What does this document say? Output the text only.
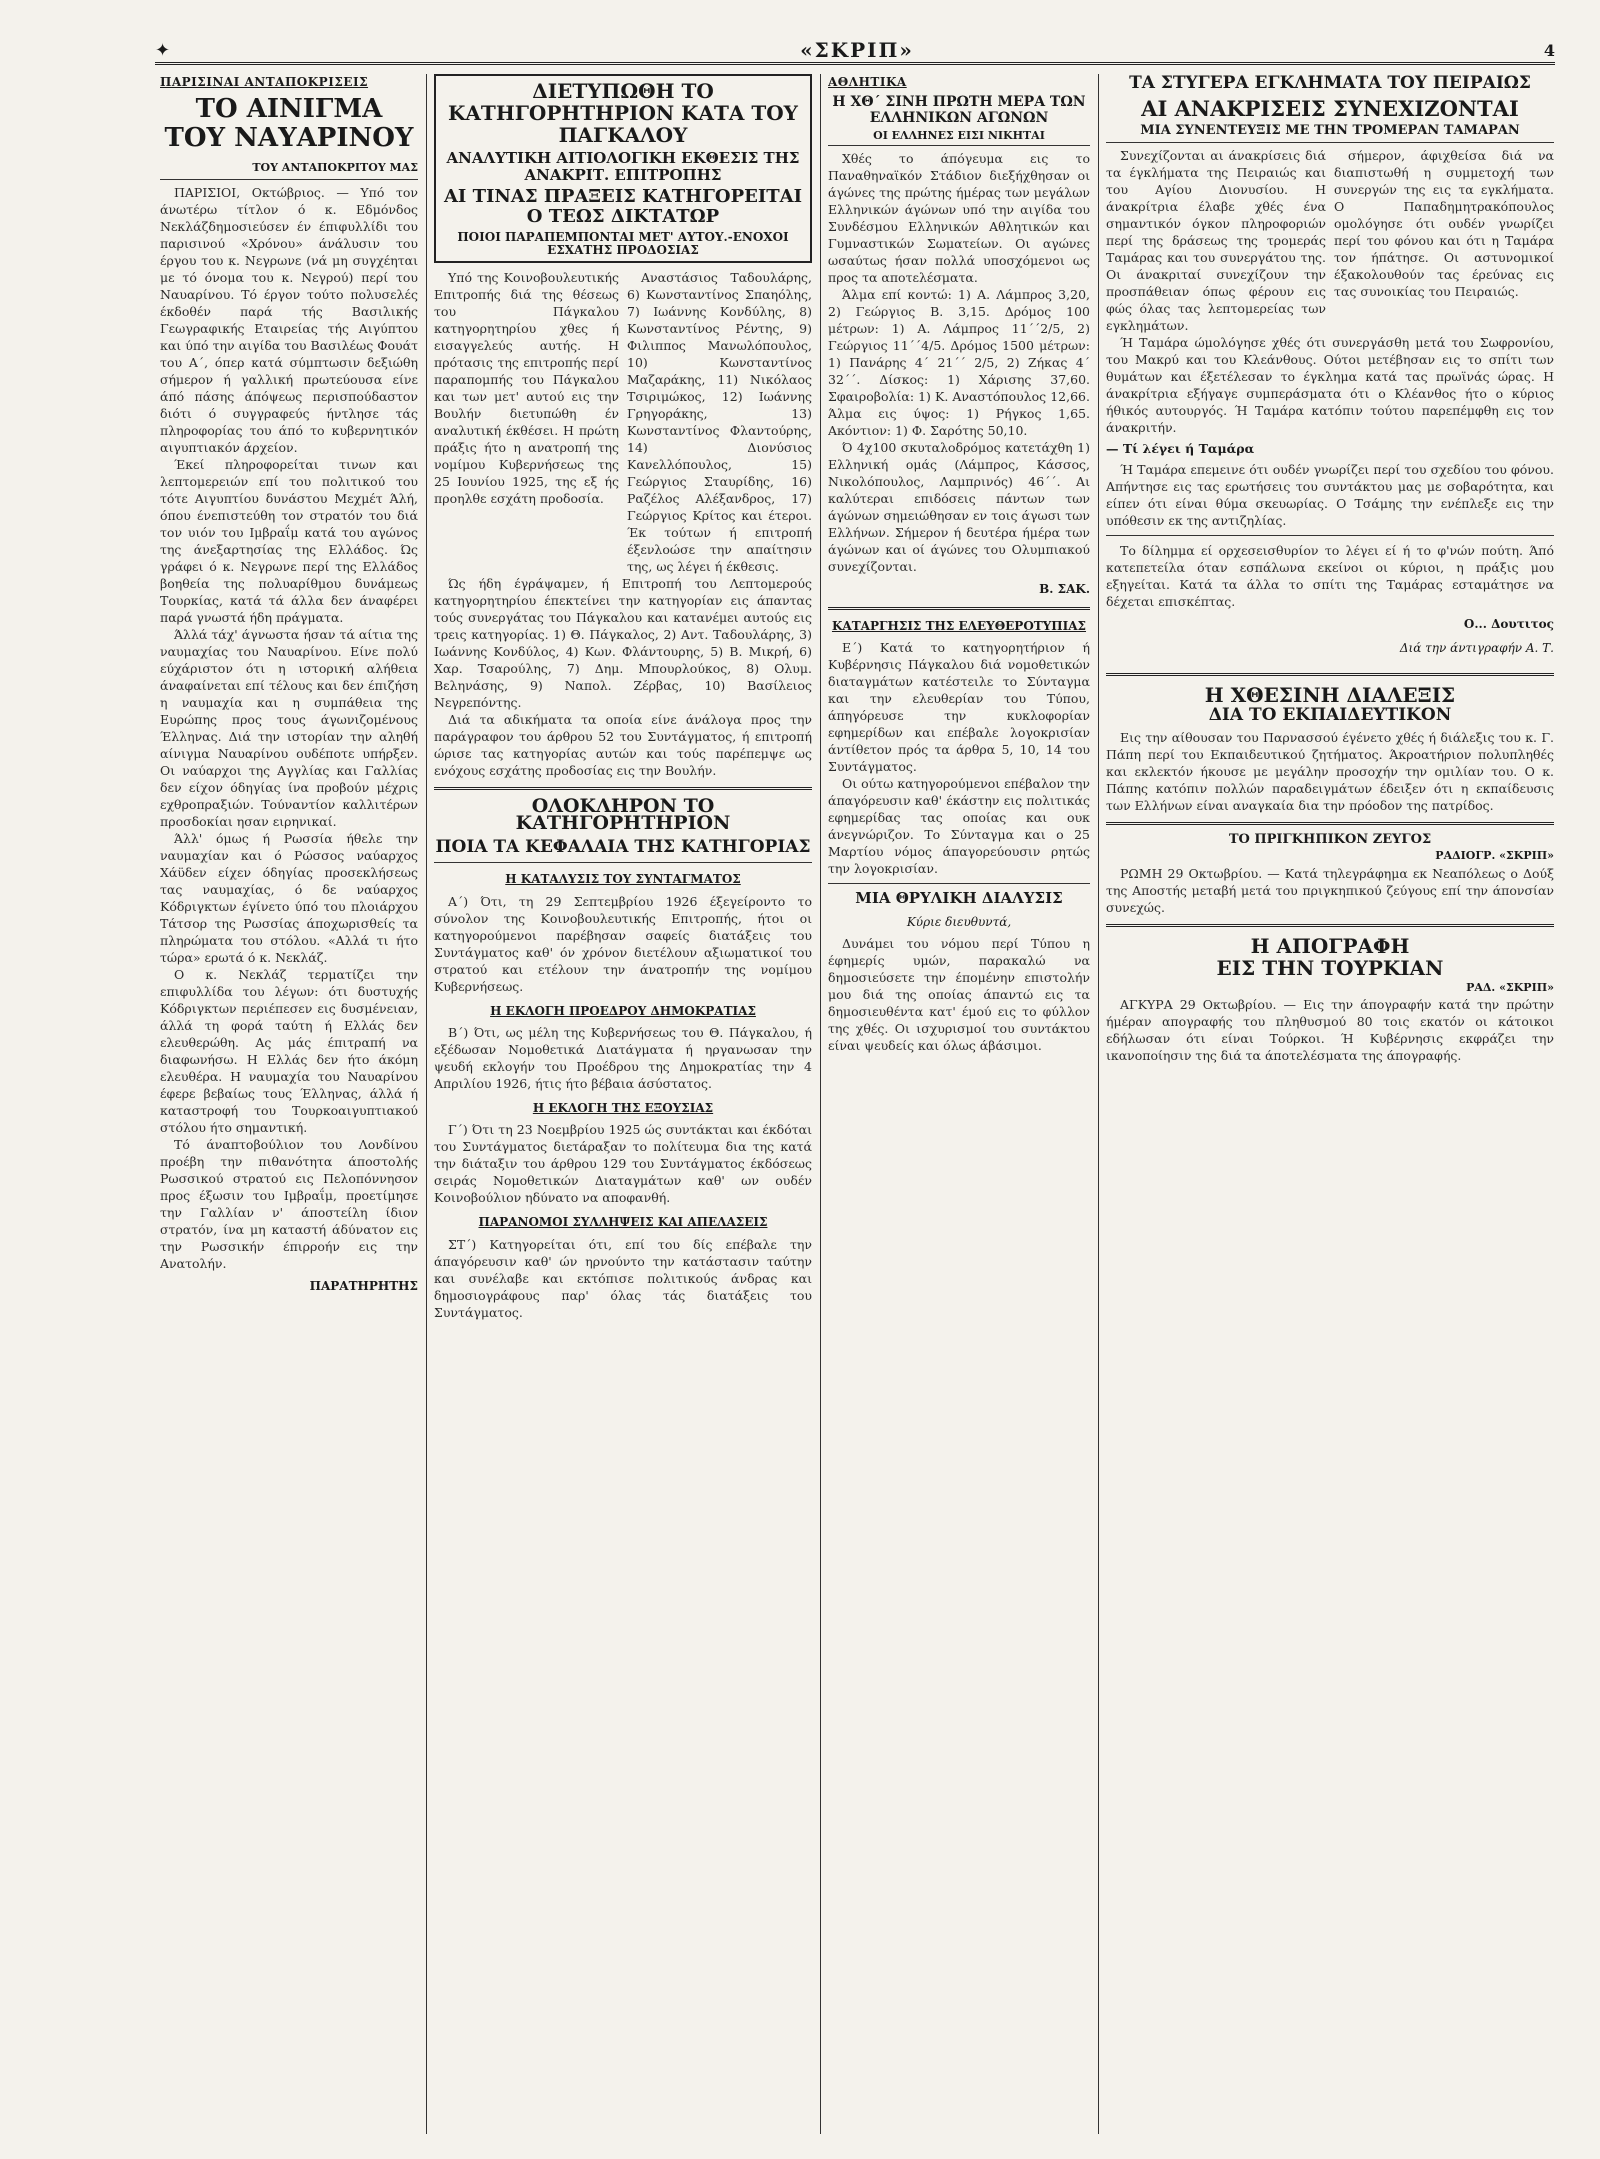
✦	«ΣΚΡΙΠ»	4
ΠΑΡΙΣΙΝΑΙ ΑΝΤΑΠΟΚΡΙΣΕΙΣ
ΤΟ ΑΙΝΙΓΜΑ
ΤΟΥ ΝΑΥΑΡΙΝΟΥ
ΤΟΥ ΑΝΤΑΠΟΚΡΙΤΟΥ ΜΑΣ

ΠΑΡΙΣΙΟΙ, Οκτώβριος. — Υπό τον άνωτέρω τίτλον ό κ. Εδμόνδος Νεκλάζδημοσιεύσεν έν έπιφυλλίδι του παρισινού «Χρόνου» άνάλυσιν του έργου του κ. Νεγρωνε (νά μη συγχέηται με τό όνομα του κ. Νεγρού) περί του Ναυαρίνου. Τό έργον τούτο πολυσελές έκδοθέν παρά τής Βασιλικής Γεωγραφικής Εταιρείας τής Αιγύπτου και ύπό την αιγίδα του Βασιλέως Φουάτ του Α΄, όπερ κατά σύμπτωσιν δεξιώθη σήμερον ή γαλλική πρωτεύουσα είνε άπό πάσης άπόψεως περισπούδαστον διότι ό συγγραφεύς ήντλησε τάς πληροφορίας του άπό το κυβερνητικόν αιγυπτιακόν άρχείον.

Έκεί πληροφορείται τινων και λεπτομερειών επί του πολιτικού του τότε Αιγυπτίου δυνάστου Μεχμέτ Άλή, όπου ένεπιστεύθη τον στρατόν του διά τον υιόν του Ιμβραΐμ κατά του αγώνος της άνεξαρτησίας της Ελλάδος. Ώς γράφει ό κ. Νεγρωνε περί της Ελλάδος βοηθεία της πολυαρίθμου δυνάμεως Τουρκίας, κατά τά άλλα δεν άναφέρει παρά γνωστά ήδη πράγματα.

Άλλά τάχ' άγνωστα ήσαν τά αίτια της ναυμαχίας του Ναυαρίνου. Είνε πολύ εύχάριστον ότι η ιστορική αλήθεια άναφαίνεται επί τέλους και δεν έπιζήση η ναυμαχία και η συμπάθεια της Ευρώπης προς τους άγωνιζομένους Έλληνας. Διά την ιστορίαν την αληθή αίνιγμα Ναυαρίνου ουδέποτε υπήρξεν. Οι ναύαρχοι της Αγγλίας και Γαλλίας δεν είχον όδηγίας ίνα προβούν μέχρις εχθροπραξιών. Τούναντίον καλλιτέρων προσδοκίαι ησαν ειρηνικαί.

Άλλ' όμως ή Ρωσσία ήθελε την ναυμαχίαν και ό Ρώσσος ναύαρχος Χάϋδεν είχεν όδηγίας προσεκλήσεως τας ναυμαχίας, ό δε ναύαρχος Κόδριγκτων έγίνετο ύπό του πλοιάρχου Τάτσορ της Ρωσσίας άποχωρισθείς τα πληρώματα του στόλου. «Αλλά τι ήτο τώρα» ερωτά ό κ. Νεκλάζ.

Ο κ. Νεκλάζ τερματίζει την επιφυλλίδα του λέγων: ότι δυστυχής Κόδριγκτων περιέπεσεν εις δυσμένειαν, άλλά τη φορά ταύτη ή Ελλάς δεν ελευθερώθη. Ας μάς έπιτραπή να διαφωνήσω. Η Ελλάς δεν ήτο άκόμη ελευθέρα. Η ναυμαχία του Ναυαρίνου έφερε βεβαίως τους Έλληνας, άλλά ή καταστροφή του Τουρκοαιγυπτιακού στόλου ήτο σημαντική.

Τό άναπτοβούλιον του Λονδίνου προέβη την πιθανότητα άποστολής Ρωσσικού στρατού εις Πελοπόννησον προς έξωσιν του Ιμβραΐμ, προετίμησε την Γαλλίαν ν' άποστείλη ίδιον στρατόν, ίνα μη καταστή άδύνατον εις την Ρωσσικήν έπιρροήν εις την Ανατολήν.

ΠΑΡΑΤΗΡΗΤΗΣ
ΔΙΕΤΥΠΩΘΗ ΤΟ ΚΑΤΗΓΟΡΗΤΗΡΙΟΝ ΚΑΤΑ ΤΟΥ ΠΑΓΚΑΛΟΥ
ΑΝΑΛΥΤΙΚΗ ΑΙΤΙΟΛΟΓΙΚΗ ΕΚΘΕΣΙΣ ΤΗΣ ΑΝΑΚΡΙΤ. ΕΠΙΤΡΟΠΗΣ
ΑΙ ΤΙΝΑΣ ΠΡΑΞΕΙΣ ΚΑΤΗΓΟΡΕΙΤΑΙ Ο ΤΕΩΣ ΔΙΚΤΑΤΩΡ
ΠΟΙΟΙ ΠΑΡΑΠΕΜΠΟΝΤΑΙ ΜΕΤ' ΑΥΤΟΥ.-ΕΝΟΧΟΙ ΕΣΧΑΤΗΣ ΠΡΟΔΟΣΙΑΣ

Υπό της Κοινοβουλευτικής Επιτροπής διά της θέσεως του Πάγκαλου κατηγορητηρίου χθες ή εισαγγελεύς αυτής. Η πρότασις της επιτροπής περί παραπομπής του Πάγκαλου και των μετ' αυτού εις την Βουλήν διετυπώθη έν αναλυτική έκθέσει. Η πρώτη πράξις ήτο η ανατροπή της νομίμου Κυβερνήσεως της 25 Ιουνίου 1925, της εξ ής προηλθε εσχάτη προδοσία.

Αναστάσιος Ταδουλάρης, 6) Κωνσταντίνος Σπαηόλης, 7) Ιωάννης Κονδύλης, 8) Κωνσταντίνος Ρέντης, 9) Φιλιππος Μανωλόπουλος, 10) Κωνσταντίνος Μαζαράκης, 11) Νικόλαος Τσιριμώκος, 12) Ιωάννης Γρηγοράκης, 13) Κωνσταντίνος Φλαντούρης, 14) Διονύσιος Κανελλόπουλος, 15) Γεώργιος Σταυρίδης, 16) Ραζέλος Αλέξανδρος, 17) Γεώργιος Κρίτος και έτεροι. Έκ τούτων ή επιτροπή έξενλοώσε την απαίτησιν της, ως λέγει ή έκθεσις.

Ώς ήδη έγράψαμεν, ή Επιτροπή του Λεπτομερούς κατηγορητηρίου έπεκτείνει την κατηγορίαν εις άπαντας τούς συνεργάτας του Πάγκαλου και κατανέμει αυτούς εις τρεις κατηγορίας. 1) Θ. Πάγκαλος, 2) Αντ. Ταδουλάρης, 3) Ιωάννης Κονδύλος, 4) Κων. Φλάντουρης, 5) Β. Μικρή, 6) Χαρ. Τσαρούλης, 7) Δημ. Μπουρλούκος, 8) Ολυμ. Βεληνάσης, 9) Ναπολ. Ζέρβας, 10) Βασίλειος Νεγρεπόντης.

Διά τα αδικήματα τα οποία είνε άνάλογα προς την παράγραφον του άρθρου 52 του Συντάγματος, ή επιτροπή ώρισε τας κατηγορίας αυτών και τούς παρέπεμψε ως ενόχους εσχάτης προδοσίας εις την Βουλήν.

ΟΛΟΚΛΗΡΟΝ ΤΟ ΚΑΤΗΓΟΡΗΤΗΡΙΟΝ
ΠΟΙΑ ΤΑ ΚΕΦΑΛΑΙΑ ΤΗΣ ΚΑΤΗΓΟΡΙΑΣ
Η ΚΑΤΑΛΥΣΙΣ ΤΟΥ ΣΥΝΤΑΓΜΑΤΟΣ

Α΄) Ότι, τη 29 Σεπτεμβρίου 1926 έξεγείροντο το σύνολον της Κοινοβουλευτικής Επιτροπής, ήτοι οι κατηγορούμενοι παρέβησαν σαφείς διατάξεις του Συντάγματος καθ' όν χρόνον διετέλουν αξιωματικοί του στρατού και ετέλουν την άνατροπήν της νομίμου Κυβερνήσεως.

Η ΕΚΛΟΓΗ ΠΡΟΕΔΡΟΥ ΔΗΜΟΚΡΑΤΙΑΣ

Β΄) Ότι, ως μέλη της Κυβερνήσεως του Θ. Πάγκαλου, ή εξέδωσαν Νομοθετικά Διατάγματα ή ηργανωσαν την ψευδή εκλογήν του Προέδρου της Δημοκρατίας την 4 Απριλίου 1926, ήτις ήτο βέβαια άσύστατος.

Η ΕΚΛΟΓΗ ΤΗΣ ΕΞΟΥΣΙΑΣ

Γ΄) Ότι τη 23 Νοεμβρίου 1925 ώς συντάκται και έκδόται του Συντάγματος διετάραξαν το πολίτευμα δια της κατά την διάταξιν του άρθρου 129 του Συντάγματος έκδόσεως σειράς Νομοθετικών Διαταγμάτων καθ' ων ουδέν Κοινοβούλιον ηδύνατο να αποφανθή.

ΠΑΡΑΝΟΜΟΙ ΣΥΛΛΗΨΕΙΣ ΚΑΙ ΑΠΕΛΑΣΕΙΣ

ΣΤ΄) Κατηγορείται ότι, επί του δίς επέβαλε την άπαγόρευσιν καθ' ών ηρνούντο την κατάστασιν ταύτην και συνέλαβε και εκτόπισε πολιτικούς άνδρας και δημοσιογράφους παρ' όλας τάς διατάξεις του Συντάγματος.

ΑΘΛΗΤΙΚΑ
Η ΧΘ΄ ΣΙΝΗ ΠΡΩΤΗ ΜΕΡΑ ΤΩΝ ΕΛΛΗΝΙΚΩΝ ΑΓΩΝΩΝ
ΟΙ ΕΛΛΗΝΕΣ ΕΙΣΙ ΝΙΚΗΤΑΙ

Χθές το άπόγευμα εις το Παναθηναϊκόν Στάδιον διεξήχθησαν οι άγώνες της πρώτης ήμέρας των μεγάλων Ελληνικών άγώνων υπό την αιγίδα του Συνδέσμου Ελληνικών Αθλητικών και Γυμναστικών Σωματείων. Οι αγώνες ωσαύτως ήσαν πολλά υποσχόμενοι ως προς τα αποτελέσματα.

Άλμα επί κοντώ: 1) Α. Λάμπρος 3,20, 2) Γεώργιος Β. 3,15. Δρόμος 100 μέτρων: 1) Α. Λάμπρος 11΄΄2/5, 2) Γεώργιος 11΄΄4/5. Δρόμος 1500 μέτρων: 1) Πανάρης 4΄ 21΄΄ 2/5, 2) Ζήκας 4΄ 32΄΄. Δίσκος: 1) Χάρισης 37,60. Σφαιροβολία: 1) Κ. Αναστόπουλος 12,66. Άλμα εις ύψος: 1) Ρήγκος 1,65. Ακόντιον: 1) Φ. Σαρότης 50,10.

Ό 4χ100 σκυταλοδρόμος κατετάχθη 1) Ελληνική ομάς (Λάμπρος, Κάσσος, Νικολόπουλος, Λαμπρινός) 46΄΄. Αι καλύτεραι επιδόσεις πάντων των άγώνων σημειώθησαν εν τοις άγωσι των Ελλήνων. Σήμερον ή δευτέρα ήμέρα των άγώνων και οί άγώνες του Ολυμπιακού συνεχίζονται.

Β. ΣΑΚ.
ΚΑΤΑΡΓΗΣΙΣ ΤΗΣ ΕΛΕΥΘΕΡΟΤΥΠΙΑΣ

Ε΄) Κατά το κατηγορητήριον ή Κυβέρνησις Πάγκαλου διά νομοθετικών διαταγμάτων κατέστειλε το Σύνταγμα και την ελευθερίαν του Τύπου, άπηγόρευσε την κυκλοφορίαν εφημερίδων και επέβαλε λογοκρισίαν άντίθετον πρός τα άρθρα 5, 10, 14 του Συντάγματος.

Οι ούτω κατηγορούμενοι επέβαλον την άπαγόρευσιν καθ' έκάστην εις πολιτικάς εφημερίδας τας οποίας και ουκ άνεγνώριζον. Το Σύνταγμα και ο 25 Μαρτίου νόμος άπαγορεύουσιν ρητώς την λογοκρισίαν.

ΜΙΑ ΘΡΥΛΙΚΗ ΔΙΑΛΥΣΙΣ
Κύριε διευθυντά,

Δυνάμει του νόμου περί Τύπου η έφημερίς υμών, παρακαλώ να δημοσιεύσετε την έπομένην επιστολήν μου διά της οποίας άπαντώ εις τα δημοσιευθέντα κατ' έμού εις το φύλλον της χθές. Οι ισχυρισμοί του συντάκτου είναι ψευδείς και όλως άβάσιμοι.

ΤΑ ΣΤΥΓΕΡΑ ΕΓΚΛΗΜΑΤΑ ΤΟΥ ΠΕΙΡΑΙΩΣ
ΑΙ ΑΝΑΚΡΙΣΕΙΣ ΣΥΝΕΧΙΖΟΝΤΑΙ
ΜΙΑ ΣΥΝΕΝΤΕΥΞΙΣ ΜΕ ΤΗΝ ΤΡΟΜΕΡΑΝ ΤΑΜΑΡΑΝ

Συνεχίζονται αι άνακρίσεις διά τα έγκλήματα της Πειραιώς και του Αγίου Διονυσίου. Η άνακρίτρια έλαβε χθές ένα σημαντικόν όγκον πληροφοριών περί της δράσεως της τρομεράς Ταμάρας και του συνεργάτου της. Οι άνακριταί συνεχίζουν την προσπάθειαν όπως φέρουν εις φώς όλας τας λεπτομερείας των εγκλημάτων.

σήμερον, άφιχθείσα διά να διαπιστωθή η συμμετοχή των συνεργών της εις τα εγκλήματα. Ο Παπαδημητρακόπουλος ομολόγησε ότι ουδέν γνωρίζει περί του φόνου και ότι η Ταμάρα τον ήπάτησε. Οι αστυνομικοί έξακολουθούν τας έρεύνας εις τας συνοικίας του Πειραιώς.

Ή Ταμάρα ώμολόγησε χθές ότι συνεργάσθη μετά του Σωφρονίου, του Μακρύ και του Κλεάνθους. Ούτοι μετέβησαν εις το σπίτι των θυμάτων και έξετέλεσαν το έγκλημα κατά τας πρωϊνάς ώρας. Η άνακρίτρια εξήγαγε συμπεράσματα ότι ο Κλέανθος ήτο ο κύριος ήθικός αυτουργός. Ή Ταμάρα κατόπιν τούτου παρεπέμφθη εις τον άνακριτήν.

— Τί λέγει ή Ταμάρα

Ή Ταμάρα επεμεινε ότι ουδέν γνωρίζει περί του σχεδίου του φόνου. Απήντησε εις τας ερωτήσεις του συντάκτου μας με σοβαρότητα, και είπεν ότι είναι θύμα σκευωρίας. Ο Τσάμης την ενέπλεξε εις την υπόθεσιν εκ της αντιζηλίας.

Το δίλημμα εί ορχεσεισθυρίον το λέγει εί ή το φ'νών πούτη. Άπό κατεπετείλα όταν εσπάλωνα εκείνοι οι κύριοι, η πράξις μου εξηγείται. Κατά τα άλλα το σπίτι της Ταμάρας εσταμάτησε να δέχεται επισκέπτας.

Ο... Δουτιτος
Διά την άντιγραφήν Α. Τ.
Η ΧΘΕΣΙΝΗ ΔΙΑΛΕΞΙΣ
ΔΙΑ ΤΟ ΕΚΠΑΙΔΕΥΤΙΚΟΝ

Εις την αίθουσαν του Παρνασσού έγένετο χθές ή διάλεξις του κ. Γ. Πάπη περί του Εκπαιδευτικού ζητήματος. Άκροατήριον πολυπληθές και εκλεκτόν ήκουσε με μεγάλην προσοχήν την ομιλίαν του. Ο κ. Πάπης κατόπιν πολλών παραδειγμάτων έδειξεν ότι η εκπαίδευσις των Ελλήνων είναι αναγκαία δια την πρόοδον της πατρίδος.

ΤΟ ΠΡΙΓΚΗΠΙΚΟΝ ΖΕΥΓΟΣ
ΡΑΔΙΟΓΡ. «ΣΚΡΙΠ»

ΡΩΜΗ 29 Οκτωβρίου. — Κατά τηλεγράφημα εκ Νεαπόλεως ο Δούξ της Αποστής μεταβή μετά του πριγκηπικού ζεύγους επί την άπονσίαν συνεχώς.

Η ΑΠΟΓΡΑΦΗ
ΕΙΣ ΤΗΝ ΤΟΥΡΚΙΑΝ
ΡΑΔ. «ΣΚΡΙΠ»

ΑΓΚΥΡΑ 29 Οκτωβρίου. — Εις την άπογραφήν κατά την πρώτην ήμέραν απογραφής του πληθυσμού 80 τοις εκατόν οι κάτοικοι εδήλωσαν ότι είναι Τούρκοι. Ή Κυβέρνησις εκφράζει την ικανοποίησιν της διά τα άποτελέσματα της άπογραφής.
